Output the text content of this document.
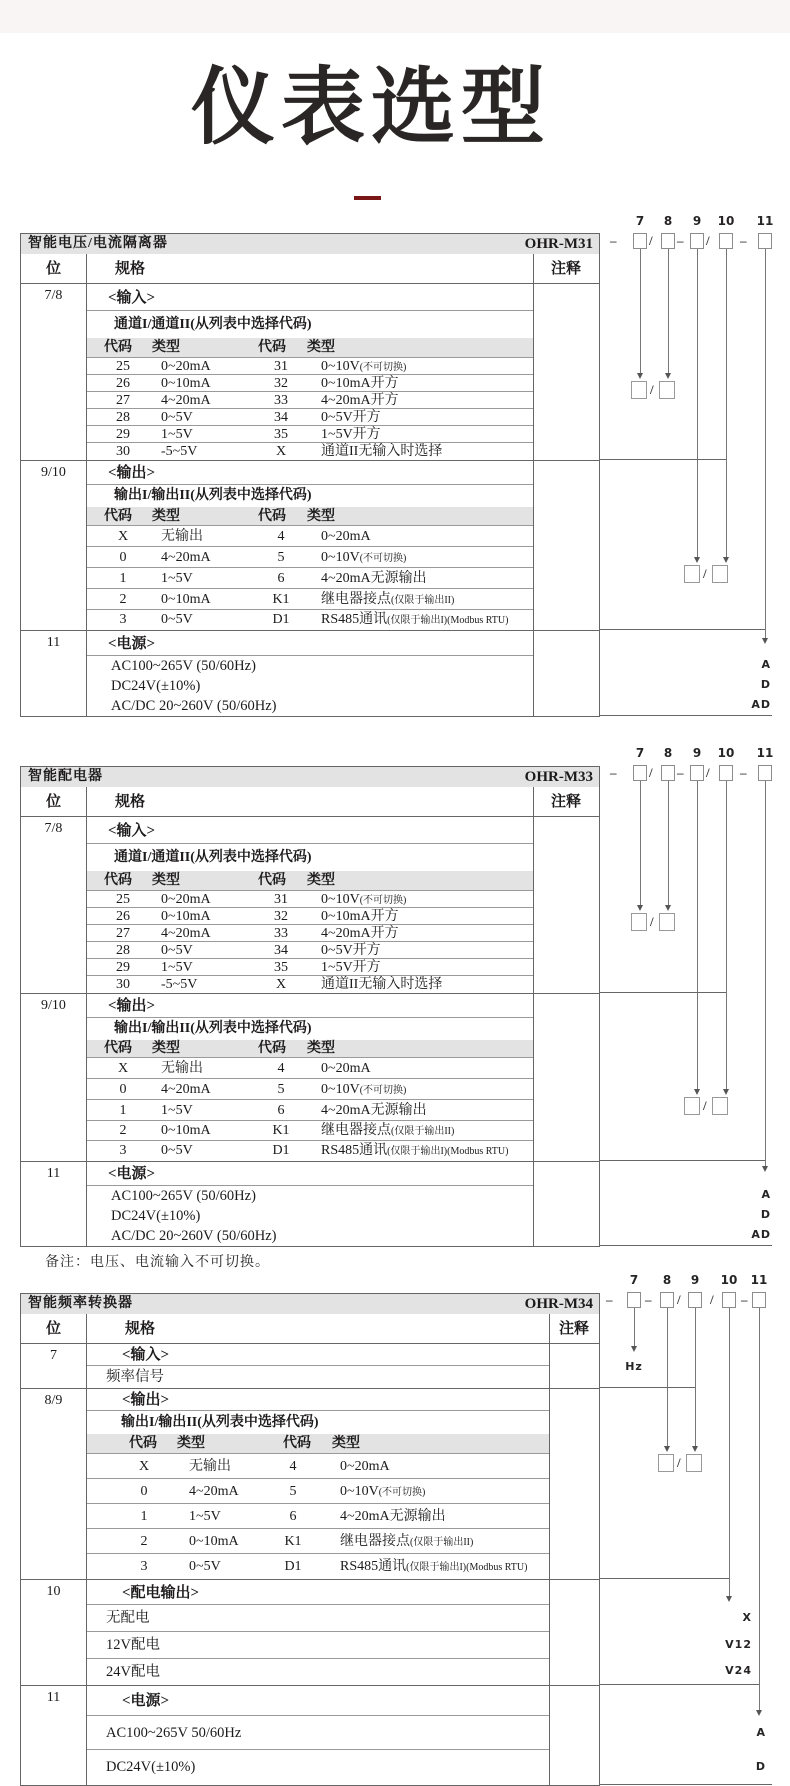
仪表选型
备注：电压、电流输入不可切换。
智能电压/电流隔离器	OHR-M31
位	规格	注释
7/8	<输入>
通道I/通道II(从列表中选择代码)
代码 类型	代码 类型
25	0~20mA	31	0~10V(不可切换)
26	0~10mA	32	0~10mA开方
27	4~20mA	33	4~20mA开方
28	0~5V	34	0~5V开方
29	1~5V	35	1~5V开方
30	-5~5V	X	通道II无输入时选择
9/10	<输出>
输出I/输出II(从列表中选择代码)
代码 类型	代码 类型
X	无输出	4	0~20mA
0	4~20mA	5	0~10V(不可切换)
1	1~5V	6	4~20mA无源输出
2	0~10mA	K1	继电器接点(仅限于输出II)
3	0~5V	D1	RS485通讯(仅限于输出I)(Modbus RTU)
11	<电源>
AC100~265V (50/60Hz)
DC24V(±10%)
AC/DC 20~260V (50/60Hz)
智能配电器	OHR-M33
位	规格	注释
7/8	<输入>
通道I/通道II(从列表中选择代码)
代码 类型	代码 类型
25	0~20mA	31	0~10V(不可切换)
26	0~10mA	32	0~10mA开方
27	4~20mA	33	4~20mA开方
28	0~5V	34	0~5V开方
29	1~5V	35	1~5V开方
30	-5~5V	X	通道II无输入时选择
9/10	<输出>
输出I/输出II(从列表中选择代码)
代码 类型	代码 类型
X	无输出	4	0~20mA
0	4~20mA	5	0~10V(不可切换)
1	1~5V	6	4~20mA无源输出
2	0~10mA	K1	继电器接点(仅限于输出II)
3	0~5V	D1	RS485通讯(仅限于输出I)(Modbus RTU)
11	<电源>
AC100~265V (50/60Hz)
DC24V(±10%)
AC/DC 20~260V (50/60Hz)
智能频率转换器	OHR-M34
位	规格	注释
7	<输入>
频率信号
8/9	<输出>
输出I/输出II(从列表中选择代码)
代码 类型	代码 类型
X	无输出	4	0~20mA
0	4~20mA	5	0~10V(不可切换)
1	1~5V	6	4~20mA无源输出
2	0~10mA	K1	继电器接点(仅限于输出II)
3	0~5V	D1	RS485通讯(仅限于输出I)(Modbus RTU)
10	<配电输出>
无配电
12V配电
24V配电
11	<电源>
AC100~265V 50/60Hz
DC24V(±10%)
7	8	9	10	11
–	/ – / –
/
/
A
D
AD
7	8	9	10	11
–	/ – / –
/
/
A
D
AD
7	8	9	10	11
–	– / / –
/
Hz
X
V12
V24
A
D
